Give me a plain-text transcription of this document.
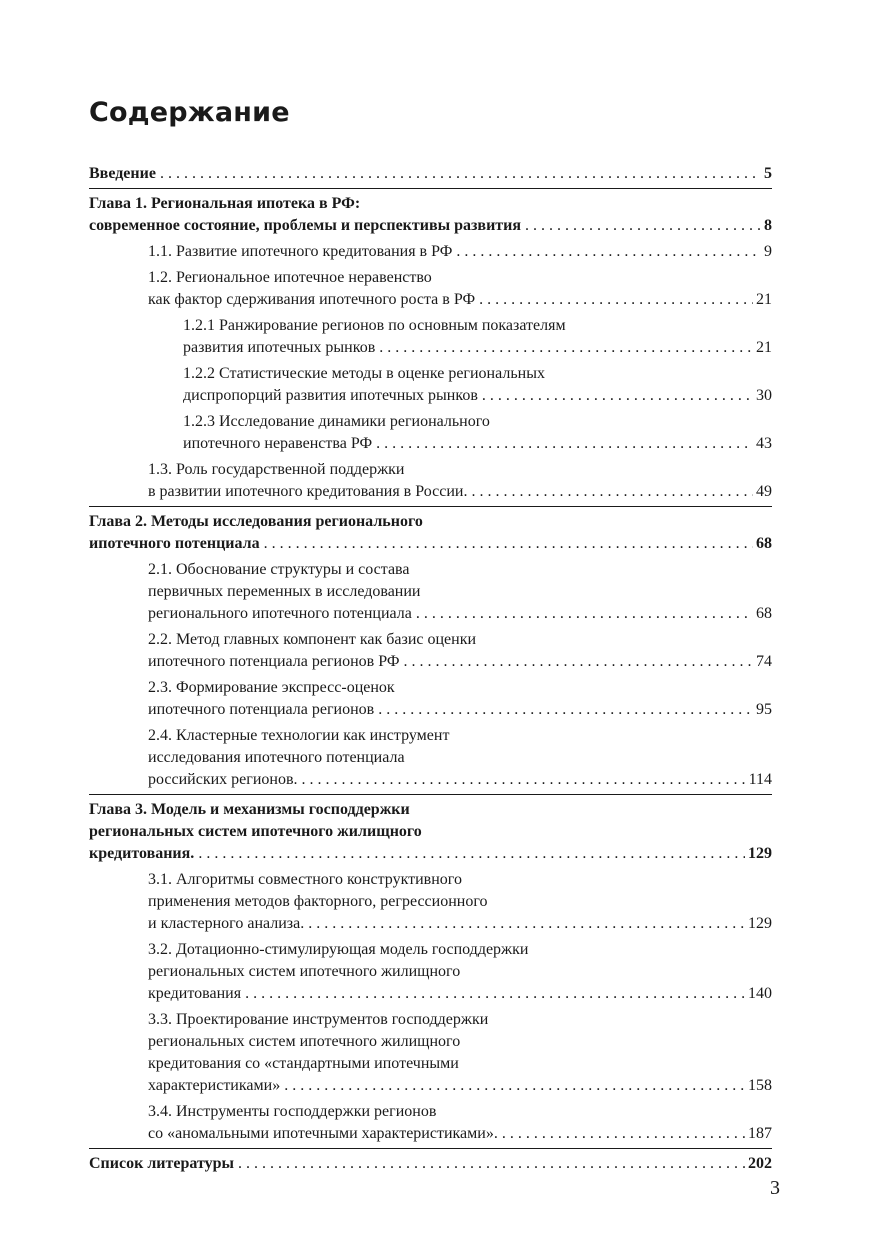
Содержание
Введение . . .	5
Глава 1. Региональная ипотека в РФ:
современное состояние, проблемы и перспективы развития . . .	8
1.1. Развитие ипотечного кредитования в РФ . . .	9
1.2. Региональное ипотечное неравенство
как фактор сдерживания ипотечного роста в РФ . . .	21
1.2.1 Ранжирование регионов по основным показателям
развития ипотечных рынков . . .	21
1.2.2 Статистические методы в оценке региональных
диспропорций развития ипотечных рынков . . .	30
1.2.3 Исследование динамики регионального
ипотечного неравенства РФ . . .	43
1.3. Роль государственной поддержки
в развитии ипотечного кредитования в России. . . .	49
Глава 2. Методы исследования регионального
ипотечного потенциала . . .	68
2.1. Обоснование структуры и состава
первичных переменных в исследовании
регионального ипотечного потенциала . . .	68
2.2. Метод главных компонент как базис оценки
ипотечного потенциала регионов РФ . . .	74
2.3. Формирование экспресс-оценок
ипотечного потенциала регионов . . .	95
2.4. Кластерные технологии как инструмент
исследования ипотечного потенциала
российских регионов. . . .	114
Глава 3. Модель и механизмы господдержки
региональных систем ипотечного жилищного
кредитования. . . .	129
3.1. Алгоритмы совместного конструктивного
применения методов факторного, регрессионного
и кластерного анализа. . . .	129
3.2. Дотационно-стимулирующая модель господдержки
региональных систем ипотечного жилищного
кредитования . . .	140
3.3. Проектирование инструментов господдержки
региональных систем ипотечного жилищного
кредитования со «стандартными ипотечными
характеристиками» . . .	158
3.4. Инструменты господдержки регионов
со «аномальными ипотечными характеристиками». . . .	187
Список литературы . . .	202
3
